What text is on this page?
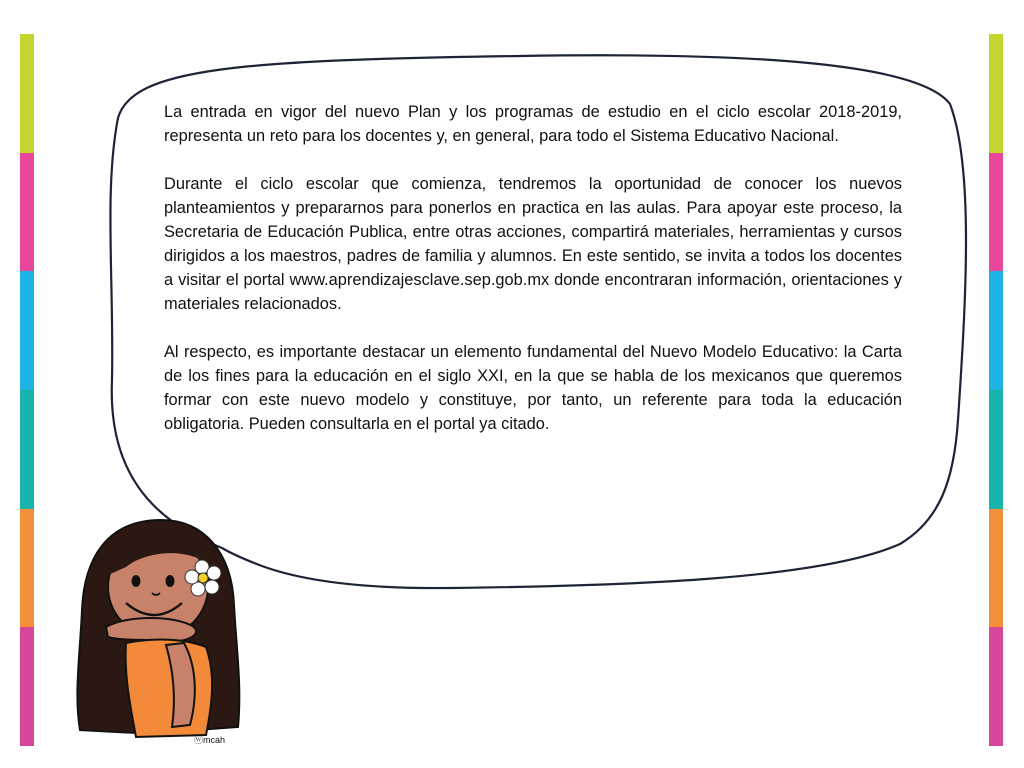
La entrada en vigor del nuevo Plan y los programas de estudio en el ciclo escolar 2018-2019, representa un reto para los docentes y, en general, para todo el Sistema Educativo Nacional.

Durante el ciclo escolar que comienza, tendremos la oportunidad de conocer los nuevos planteamientos y prepararnos para ponerlos en practica en las aulas. Para apoyar este proceso, la Secretaria de Educación Publica, entre otras acciones, compartirá materiales, herramientas y cursos dirigidos a los maestros, padres de familia y alumnos. En este sentido, se invita a todos los docentes a visitar el portal www.aprendizajesclave.sep.gob.mx donde encontraran información, orientaciones y materiales relacionados.

Al respecto, es importante destacar un elemento fundamental del Nuevo Modelo Educativo: la Carta de los fines para la educación en el siglo XXI, en la que se habla de los mexicanos que queremos formar con este nuevo modelo y constituye, por tanto, un referente para toda la educación obligatoria. Pueden consultarla en el portal ya citado.

ⓦmcah
